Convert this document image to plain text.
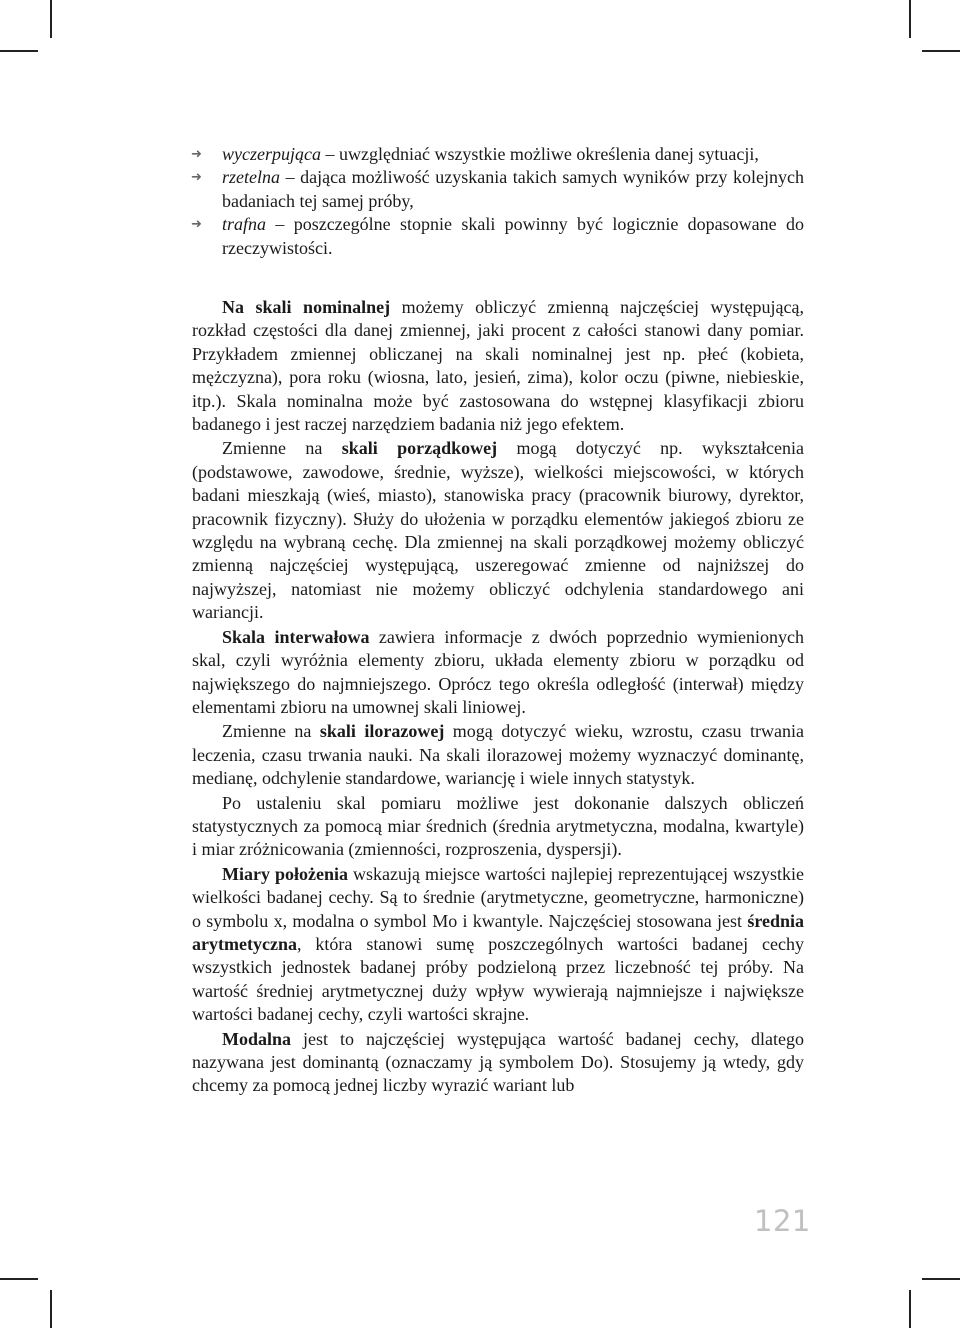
➜ wyczerpująca – uwzględniać wszystkie możliwe określenia danej sytuacji,
➜ rzetelna – dająca możliwość uzyskania takich samych wyników przy kolejnych badaniach tej samej próby,
➜ trafna – poszczególne stopnie skali powinny być logicznie dopasowane do rzeczywistości.

Na skali nominalnej możemy obliczyć zmienną najczęściej występującą, rozkład częstości dla danej zmiennej, jaki procent z całości stanowi dany pomiar. Przykładem zmiennej obliczanej na skali nominalnej jest np. płeć (kobieta, mężczyzna), pora roku (wiosna, lato, jesień, zima), kolor oczu (piwne, niebieskie, itp.). Skala nominalna może być zastosowana do wstępnej klasyfikacji zbioru badanego i jest raczej narzędziem badania niż jego efektem.

Zmienne na skali porządkowej mogą dotyczyć np. wykształcenia (podstawowe, zawodowe, średnie, wyższe), wielkości miejscowości, w których badani mieszkają (wieś, miasto), stanowiska pracy (pracownik biurowy, dyrektor, pracownik fizyczny). Służy do ułożenia w porządku elementów jakiegoś zbioru ze względu na wybraną cechę. Dla zmiennej na skali porządkowej możemy obliczyć zmienną najczęściej występującą, uszeregować zmienne od najniższej do najwyższej, natomiast nie możemy obliczyć odchylenia standardowego ani wariancji.

Skala interwałowa zawiera informacje z dwóch poprzednio wymienionych skal, czyli wyróżnia elementy zbioru, układa elementy zbioru w porządku od największego do najmniejszego. Oprócz tego określa odległość (interwał) między elementami zbioru na umownej skali liniowej.

Zmienne na skali ilorazowej mogą dotyczyć wieku, wzrostu, czasu trwania leczenia, czasu trwania nauki. Na skali ilorazowej możemy wyznaczyć dominantę, medianę, odchylenie standardowe, wariancję i wiele innych statystyk.

Po ustaleniu skal pomiaru możliwe jest dokonanie dalszych obliczeń statystycznych za pomocą miar średnich (średnia arytmetyczna, modalna, kwartyle) i miar zróżnicowania (zmienności, rozproszenia, dyspersji).

Miary położenia wskazują miejsce wartości najlepiej reprezentującej wszystkie wielkości badanej cechy. Są to średnie (arytmetyczne, geometryczne, harmoniczne) o symbolu x, modalna o symbol Mo i kwantyle. Najczęściej stosowana jest średnia arytmetyczna, która stanowi sumę poszczególnych wartości badanej cechy wszystkich jednostek badanej próby podzieloną przez liczebność tej próby. Na wartość średniej arytmetycznej duży wpływ wywierają najmniejsze i największe wartości badanej cechy, czyli wartości skrajne.

Modalna jest to najczęściej występująca wartość badanej cechy, dlatego nazywana jest dominantą (oznaczamy ją symbolem Do). Stosujemy ją wtedy, gdy chcemy za pomocą jednej liczby wyrazić wariant lub

121
